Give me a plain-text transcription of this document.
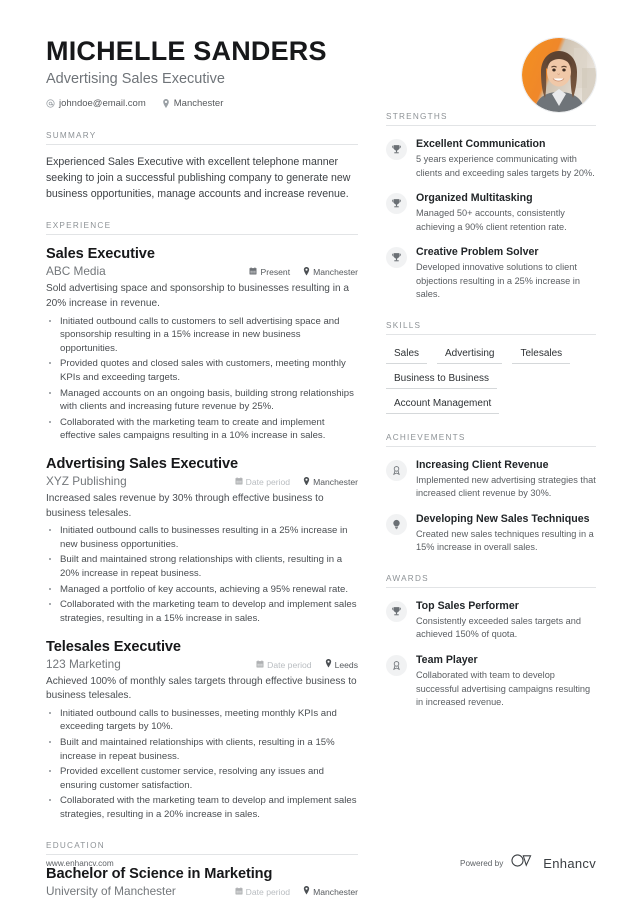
MICHELLE SANDERS
Advertising Sales Executive
johndoe@email.com	Manchester
SUMMARY
Experienced Sales Executive with excellent telephone manner seeking to join a successful publishing company to generate new business opportunities, manage accounts and increase revenue.
EXPERIENCE
Sales Executive
ABC Media	Present	Manchester
Sold advertising space and sponsorship to businesses resulting in a 20% increase in revenue.
Initiated outbound calls to customers to sell advertising space and sponsorship resulting in a 15% increase in new business opportunities.
Provided quotes and closed sales with customers, meeting monthly KPIs and exceeding targets.
Managed accounts on an ongoing basis, building strong relationships with clients and increasing future revenue by 25%.
Collaborated with the marketing team to create and implement effective sales campaigns resulting in a 10% increase in sales.
Advertising Sales Executive
XYZ Publishing	Date period	Manchester
Increased sales revenue by 30% through effective business to business telesales.
Initiated outbound calls to businesses resulting in a 25% increase in new business opportunities.
Built and maintained strong relationships with clients, resulting in a 20% increase in repeat business.
Managed a portfolio of key accounts, achieving a 95% renewal rate.
Collaborated with the marketing team to develop and implement sales strategies, resulting in a 15% increase in sales.
Telesales Executive
123 Marketing	Date period	Leeds
Achieved 100% of monthly sales targets through effective business to business telesales.
Initiated outbound calls to businesses, meeting monthly KPIs and exceeding targets by 10%.
Built and maintained relationships with clients, resulting in a 15% increase in repeat business.
Provided excellent customer service, resolving any issues and ensuring customer satisfaction.
Collaborated with the marketing team to develop and implement sales strategies, resulting in a 20% increase in sales.
EDUCATION
Bachelor of Science in Marketing
University of Manchester	Date period	Manchester
STRENGTHS
Excellent Communication
5 years experience communicating with clients and exceeding sales targets by 20%.
Organized Multitasking
Managed 50+ accounts, consistently achieving a 90% client retention rate.
Creative Problem Solver
Developed innovative solutions to client objections resulting in a 25% increase in sales.
SKILLS
Sales	Advertising	Telesales
Business to Business
Account Management
ACHIEVEMENTS
Increasing Client Revenue
Implemented new advertising strategies that increased client revenue by 30%.
Developing New Sales Techniques
Created new sales techniques resulting in a 15% increase in overall sales.
AWARDS
Top Sales Performer
Consistently exceeded sales targets and achieved 150% of quota.
Team Player
Collaborated with team to develop successful advertising campaigns resulting in increased revenue.
www.enhancv.com	Powered by	Enhancv
